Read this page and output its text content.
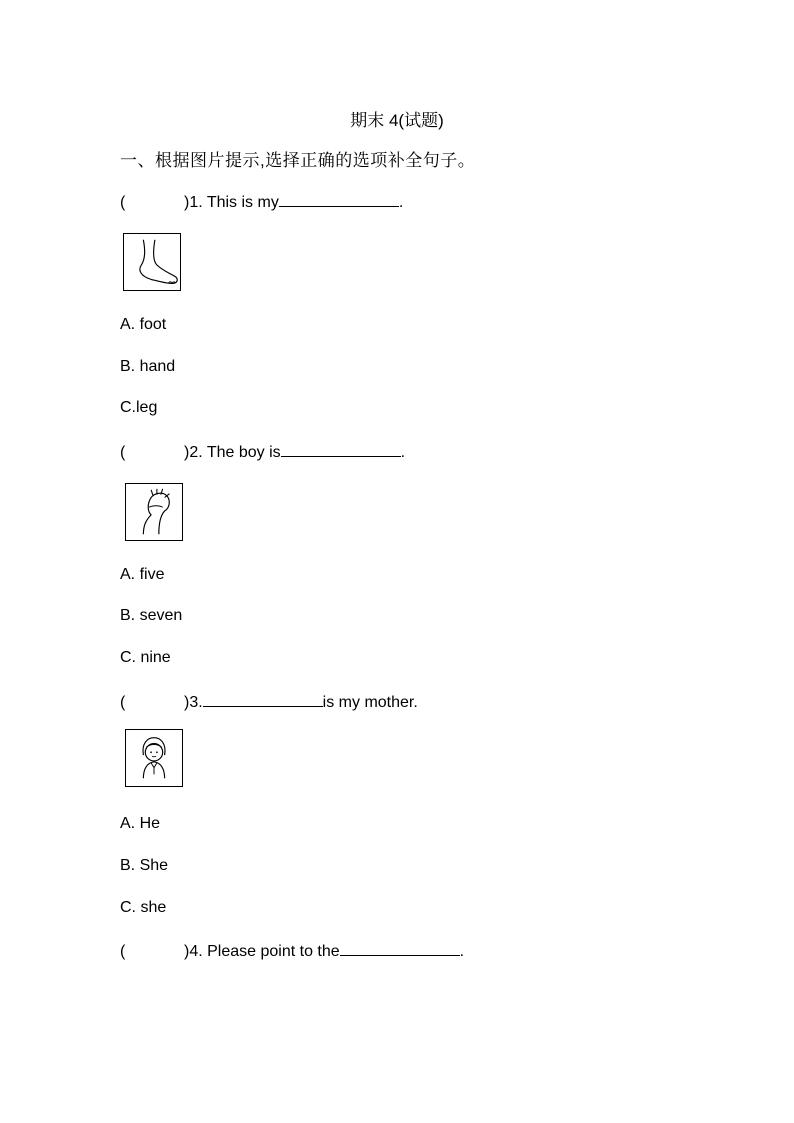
期末 4(试题)
一、根据图片提示,选择正确的选项补全句子。
(	)1. This is my	.
A. foot
B. hand
C.leg
(	)2. The boy is	.
A. five
B. seven
C. nine
(	)3.	is my mother.
A. He
B. She
C. she
(	)4. Please point to the	.
